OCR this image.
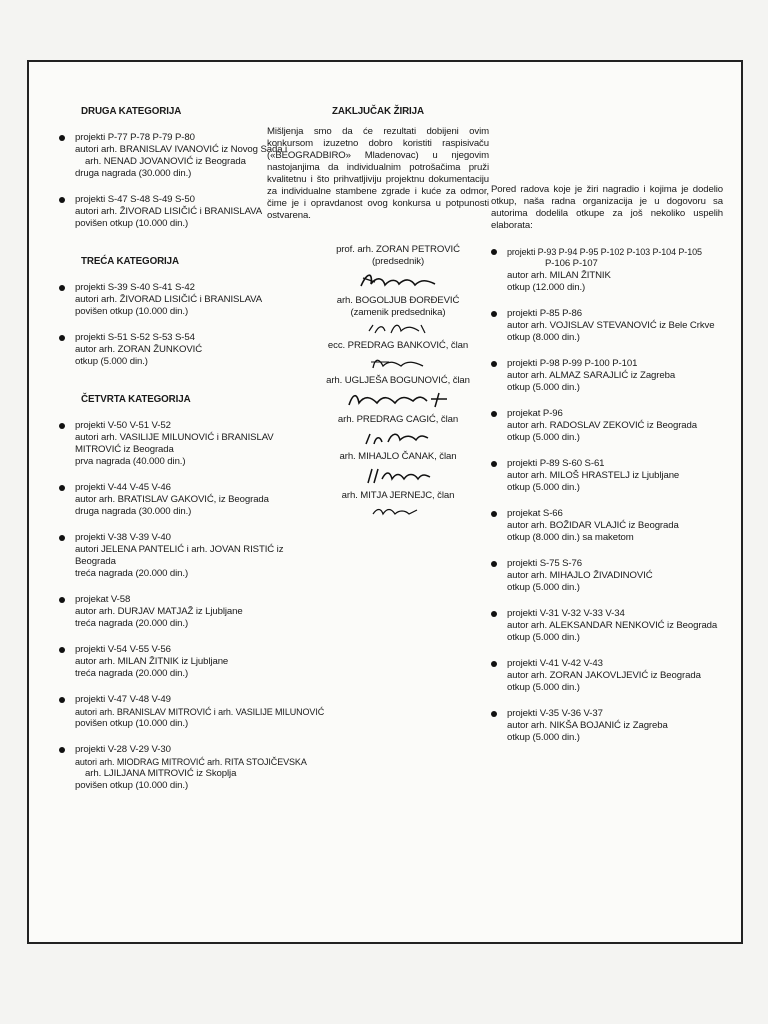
DRUGA KATEGORIJA

projekti P-77 P-78 P-79 P-80
autori arh. BRANISLAV IVANOVIĆ iz Novog Sada i
arh. NENAD JOVANOVIĆ iz Beograda
druga nagrada (30.000 din.)
projekti S-47 S-48 S-49 S-50
autori arh. ŽIVORAD LISIČIĆ i BRANISLAVA
povišen otkup (10.000 din.)

TREĆA KATEGORIJA

projekti S-39 S-40 S-41 S-42
autori arh. ŽIVORAD LISIČIĆ i BRANISLAVA
povišen otkup (10.000 din.)
projekti S-51 S-52 S-53 S-54
autor arh. ZORAN ŽUNKOVIĆ
otkup (5.000 din.)

ČETVRTA KATEGORIJA

projekti V-50 V-51 V-52
autori arh. VASILIJE MILUNOVIĆ i BRANISLAV MITROVIĆ iz Beograda
prva nagrada (40.000 din.)
projekti V-44 V-45 V-46
autor arh. BRATISLAV GAKOVIĆ, iz Beograda
druga nagrada (30.000 din.)
projekti V-38 V-39 V-40
autori JELENA PANTELIĆ i arh. JOVAN RISTIĆ iz Beograda
treća nagrada (20.000 din.)
projekat V-58
autor arh. DURJAV MATJAŽ iz Ljubljane
treća nagrada (20.000 din.)
projekti V-54 V-55 V-56
autor arh. MILAN ŽITNIK iz Ljubljane
treća nagrada (20.000 din.)
projekti V-47 V-48 V-49
autori arh. BRANISLAV MITROVIĆ i arh. VASILIJE MILUNOVIĆ
povišen otkup (10.000 din.)
projekti V-28 V-29 V-30
autori arh. MIODRAG MITROVIĆ arh. RITA STOJIČEVSKA
arh. LJILJANA MITROVIĆ iz Skoplja
povišen otkup (10.000 din.)

ZAKLJUČAK ŽIRIJA

Mišljenja smo da će rezultati dobijeni ovim konkursom izuzetno dobro koristiti raspisivaču («BEOGRADBIRO» Mladenovac) u njegovim nastojanjima da individualnim potrošačima pruži kvalitetnu i što prihvatljiviju projektnu dokumentaciju za individualne stambene zgrade i kuće za odmor, čime je i opravdanost ovog konkursa u potpunosti ostvarena.

prof. arh. ZORAN PETROVIĆ
(predsednik)
arh. BOGOLJUB ĐORĐEVIĆ
(zamenik predsednika)
ecc. PREDRAG BANKOVIĆ, član
arh. UGLJEŠA BOGUNOVIĆ, član
arh. PREDRAG CAGIĆ, član
arh. MIHAJLO ČANAK, član
arh. MITJA JERNEJC, član

Pored radova koje je žiri nagradio i kojima je dodelio otkup, naša radna organizacija je u dogovoru sa autorima dodelila otkupe za još nekoliko uspelih elaborata:

projekti P-93 P-94 P-95 P-102 P-103 P-104 P-105
P-106 P-107
autor arh. MILAN ŽITNIK
otkup (12.000 din.)
projekti P-85 P-86
autor arh. VOJISLAV STEVANOVIĆ iz Bele Crkve
otkup (8.000 din.)
projekti P-98 P-99 P-100 P-101
autor arh. ALMAZ SARAJLIĆ iz Zagreba
otkup (5.000 din.)
projekat P-96
autor arh. RADOSLAV ZEKOVIĆ iz Beograda
otkup (5.000 din.)
projekti P-89 S-60 S-61
autor arh. MILOŠ HRASTELJ iz Ljubljane
otkup (5.000 din.)
projekat S-66
autor arh. BOŽIDAR VLAJIĆ iz Beograda
otkup (8.000 din.) sa maketom
projekti S-75 S-76
autor arh. MIHAJLO ŽIVADINOVIĆ
otkup (5.000 din.)
projekti V-31 V-32 V-33 V-34
autor arh. ALEKSANDAR NENKOVIĆ iz Beograda
otkup (5.000 din.)
projekti V-41 V-42 V-43
autor arh. ZORAN JAKOVLJEVIĆ iz Beograda
otkup (5.000 din.)
projekti V-35 V-36 V-37
autor arh. NIKŠA BOJANIĆ iz Zagreba
otkup (5.000 din.)
